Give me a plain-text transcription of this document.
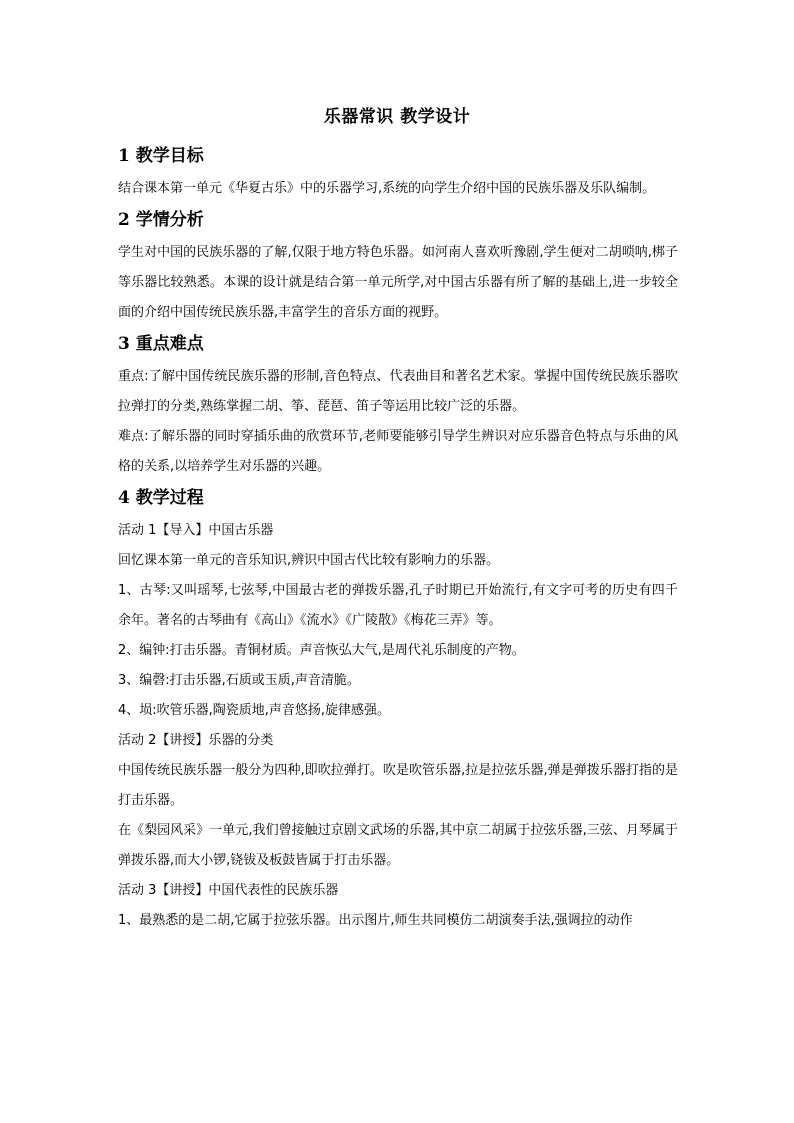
乐器常识 教学设计
1 教学目标

结合课本第一单元《华夏古乐》中的乐器学习,系统的向学生介绍中国的民族乐器及乐队编制。

2 学情分析

学生对中国的民族乐器的了解,仅限于地方特色乐器。如河南人喜欢听豫剧,学生便对二胡唢呐,梆子等乐器比较熟悉。本课的设计就是结合第一单元所学,对中国古乐器有所了解的基础上,进一步较全面的介绍中国传统民族乐器,丰富学生的音乐方面的视野。

3 重点难点

重点:了解中国传统民族乐器的形制,音色特点、代表曲目和著名艺术家。掌握中国传统民族乐器吹拉弹打的分类,熟练掌握二胡、筝、琵琶、笛子等运用比较广泛的乐器。

难点:了解乐器的同时穿插乐曲的欣赏环节,老师要能够引导学生辨识对应乐器音色特点与乐曲的风格的关系,以培养学生对乐器的兴趣。

4 教学过程

活动 1【导入】中国古乐器

回忆课本第一单元的音乐知识,辨识中国古代比较有影响力的乐器。

1、古琴:又叫瑶琴,七弦琴,中国最古老的弹拨乐器,孔子时期已开始流行,有文字可考的历史有四千余年。著名的古琴曲有《高山》《流水》《广陵散》《梅花三弄》等。

2、编钟:打击乐器。青铜材质。声音恢弘大气,是周代礼乐制度的产物。

3、编磬:打击乐器,石质或玉质,声音清脆。

4、埙:吹管乐器,陶瓷质地,声音悠扬,旋律感强。

活动 2【讲授】乐器的分类

中国传统民族乐器一般分为四种,即吹拉弹打。吹是吹管乐器,拉是拉弦乐器,弹是弹拨乐器打指的是打击乐器。

在《梨园风采》一单元,我们曾接触过京剧文武场的乐器,其中京二胡属于拉弦乐器,三弦、月琴属于弹拨乐器,而大小锣,铙钹及板鼓皆属于打击乐器。

活动 3【讲授】中国代表性的民族乐器

1、最熟悉的是二胡,它属于拉弦乐器。出示图片,师生共同模仿二胡演奏手法,强调拉的动作
